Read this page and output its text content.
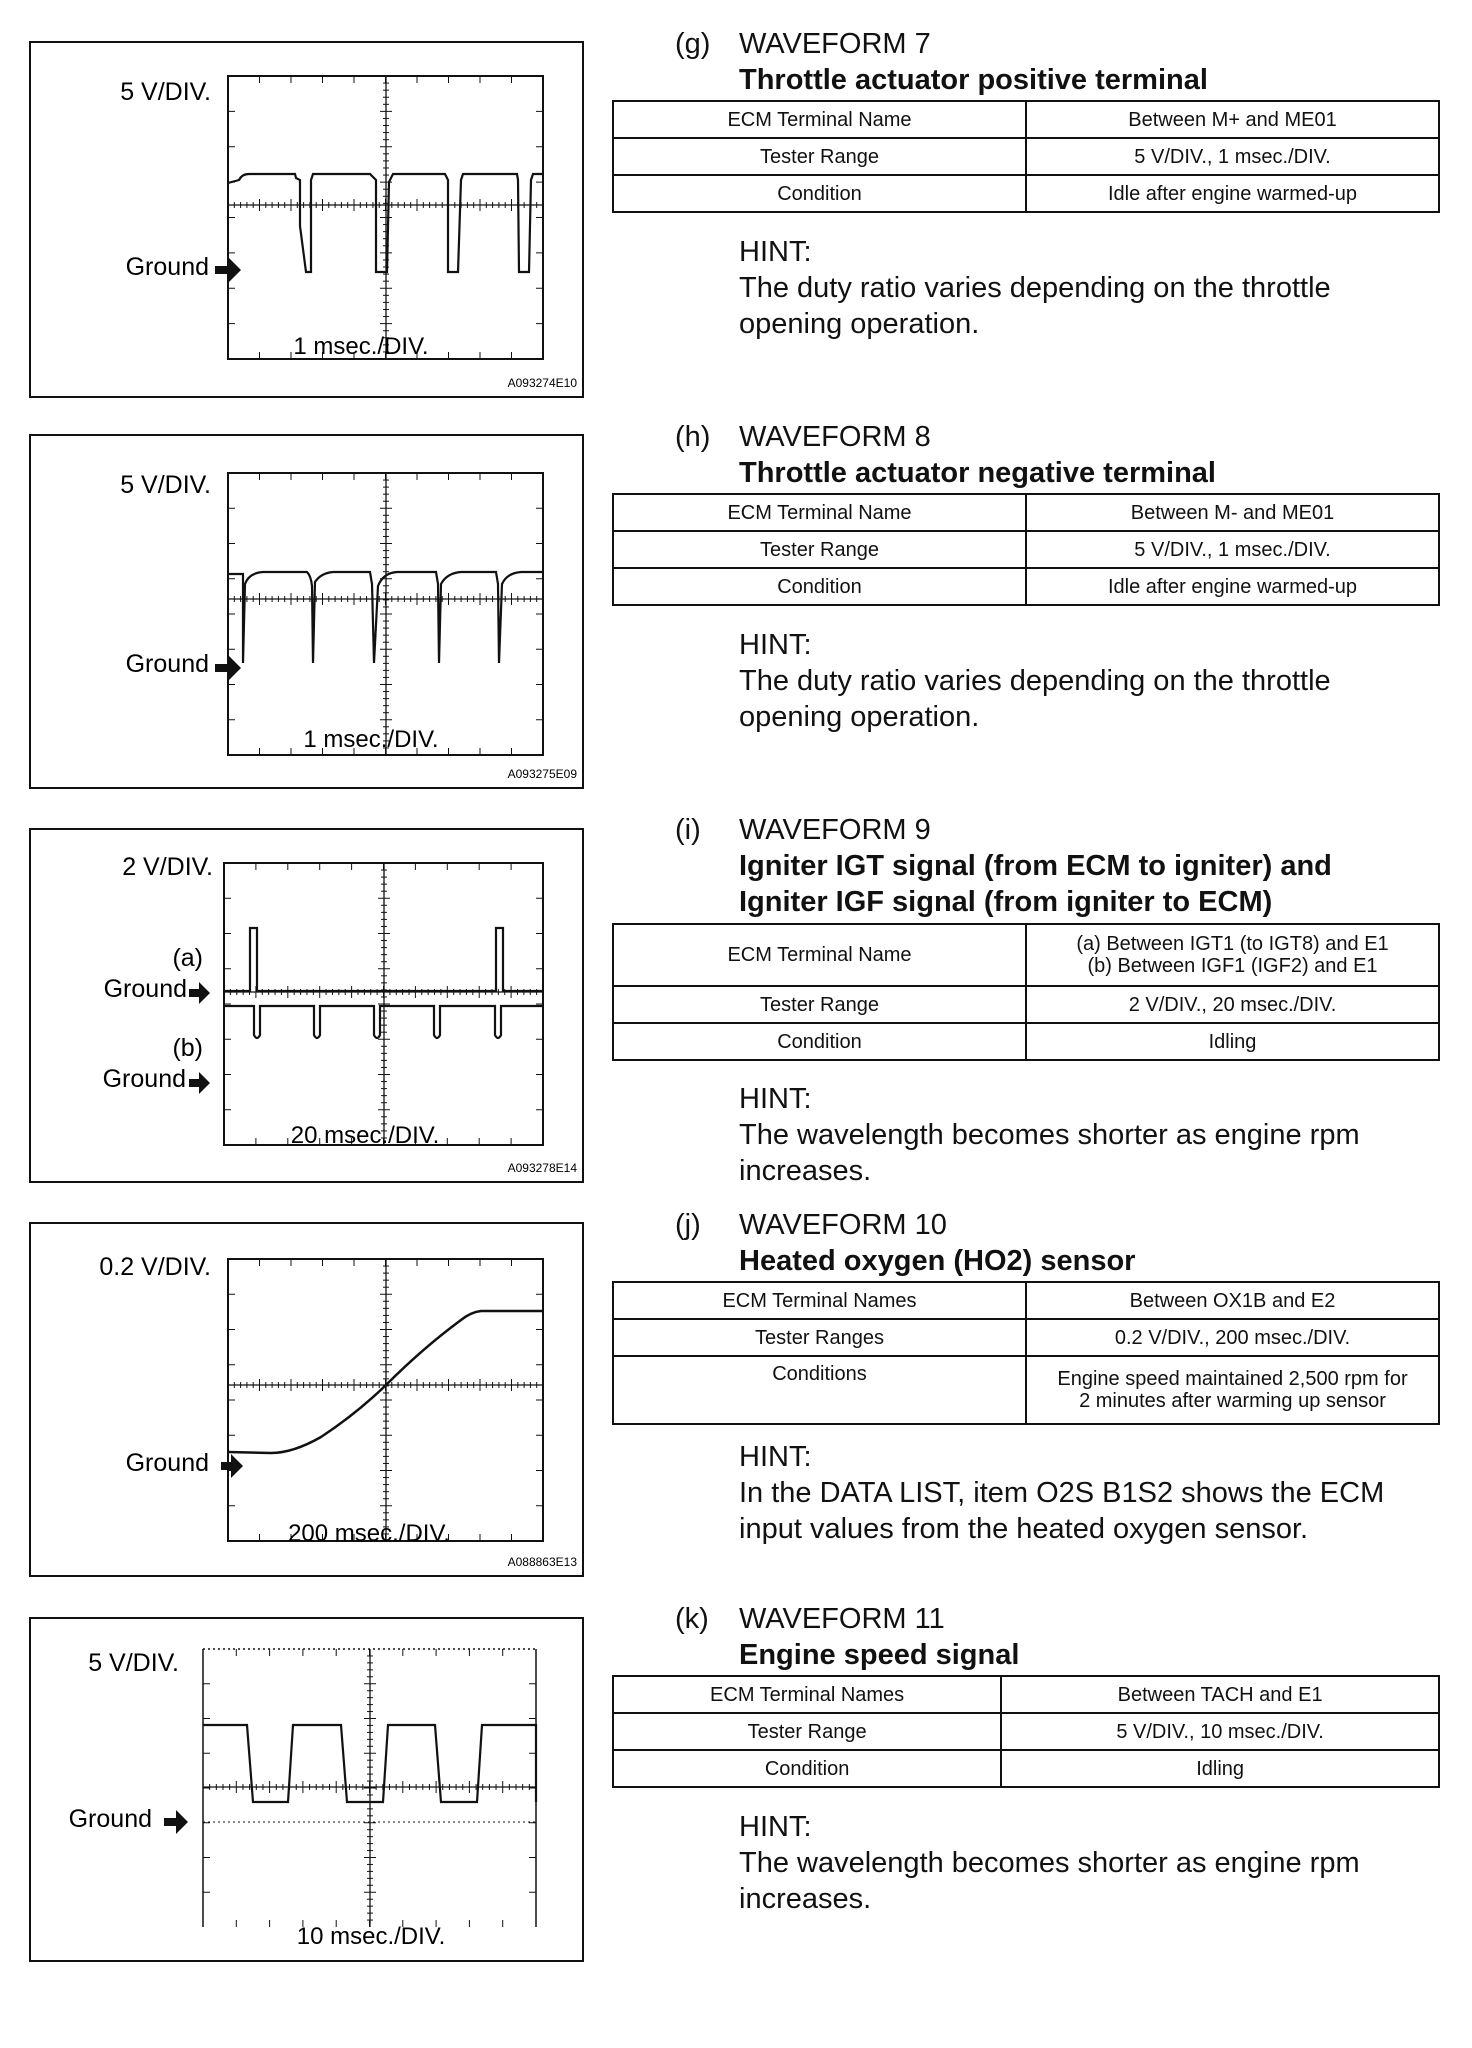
5 V/DIV.
Ground
1 msec./DIV.
A093274E10
5 V/DIV.
Ground
1 msec./DIV.
A093275E09
2 V/DIV.
(a)
Ground
(b)
Ground
20 msec./DIV.
A093278E14
0.2 V/DIV.
Ground
200 msec./DIV.
A088863E13
5 V/DIV.
Ground
10 msec./DIV.
(g) WAVEFORM 7
Throttle actuator positive terminal
ECM Terminal Name	Between M+ and ME01
Tester Range	5 V/DIV., 1 msec./DIV.
Condition	Idle after engine warmed-up
HINT:
The duty ratio varies depending on the throttle opening operation.
(h) WAVEFORM 8
Throttle actuator negative terminal
ECM Terminal Name	Between M- and ME01
Tester Range	5 V/DIV., 1 msec./DIV.
Condition	Idle after engine warmed-up
HINT:
The duty ratio varies depending on the throttle opening operation.
(i) WAVEFORM 9
Igniter IGT signal (from ECM to igniter) and
Igniter IGF signal (from igniter to ECM)
ECM Terminal Name	(a) Between IGT1 (to IGT8) and E1
(b) Between IGF1 (IGF2) and E1

Tester Range	2 V/DIV., 20 msec./DIV.
Condition	Idling
HINT:
The wavelength becomes shorter as engine rpm increases.
(j) WAVEFORM 10
Heated oxygen (HO2) sensor
ECM Terminal Names	Between OX1B and E2
Tester Ranges	0.2 V/DIV., 200 msec./DIV.
Conditions	Engine speed maintained 2,500 rpm for
2 minutes after warming up sensor
HINT:
In the DATA LIST, item O2S B1S2 shows the ECM input values from the heated oxygen sensor.
(k) WAVEFORM 11
Engine speed signal
ECM Terminal Names	Between TACH and E1
Tester Range	5 V/DIV., 10 msec./DIV.
Condition	Idling
HINT:
The wavelength becomes shorter as engine rpm increases.
